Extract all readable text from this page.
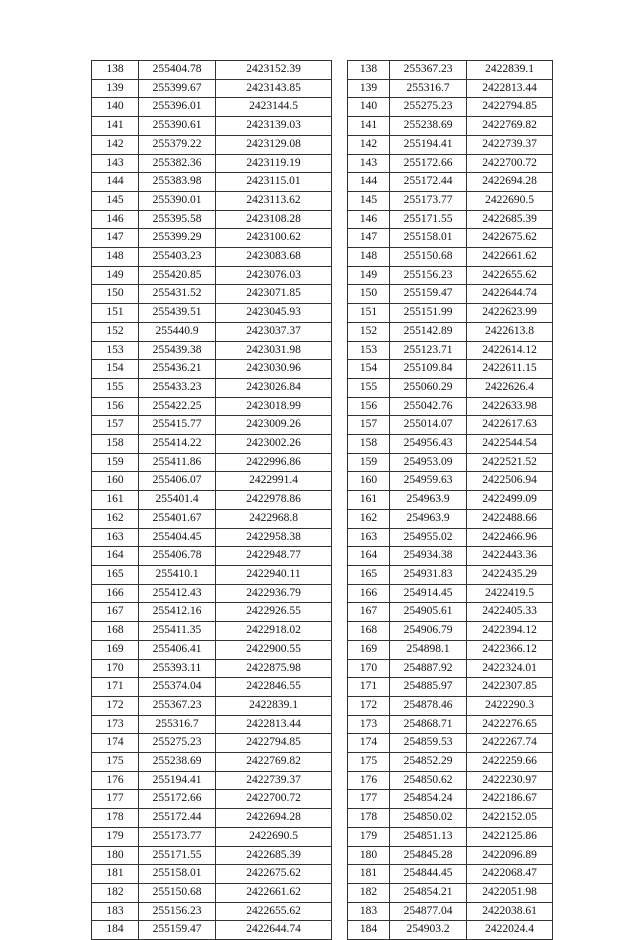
138	255404.78	2423152.39
139	255399.67	2423143.85
140	255396.01	2423144.5
141	255390.61	2423139.03
142	255379.22	2423129.08
143	255382.36	2423119.19
144	255383.98	2423115.01
145	255390.01	2423113.62
146	255395.58	2423108.28
147	255399.29	2423100.62
148	255403.23	2423083.68
149	255420.85	2423076.03
150	255431.52	2423071.85
151	255439.51	2423045.93
152	255440.9	2423037.37
153	255439.38	2423031.98
154	255436.21	2423030.96
155	255433.23	2423026.84
156	255422.25	2423018.99
157	255415.77	2423009.26
158	255414.22	2423002.26
159	255411.86	2422996.86
160	255406.07	2422991.4
161	255401.4	2422978.86
162	255401.67	2422968.8
163	255404.45	2422958.38
164	255406.78	2422948.77
165	255410.1	2422940.11
166	255412.43	2422936.79
167	255412.16	2422926.55
168	255411.35	2422918.02
169	255406.41	2422900.55
170	255393.11	2422875.98
171	255374.04	2422846.55
172	255367.23	2422839.1
173	255316.7	2422813.44
174	255275.23	2422794.85
175	255238.69	2422769.82
176	255194.41	2422739.37
177	255172.66	2422700.72
178	255172.44	2422694.28
179	255173.77	2422690.5
180	255171.55	2422685.39
181	255158.01	2422675.62
182	255150.68	2422661.62
183	255156.23	2422655.62
184	255159.47	2422644.74
138	255367.23	2422839.1
139	255316.7	2422813.44
140	255275.23	2422794.85
141	255238.69	2422769.82
142	255194.41	2422739.37
143	255172.66	2422700.72
144	255172.44	2422694.28
145	255173.77	2422690.5
146	255171.55	2422685.39
147	255158.01	2422675.62
148	255150.68	2422661.62
149	255156.23	2422655.62
150	255159.47	2422644.74
151	255151.99	2422623.99
152	255142.89	2422613.8
153	255123.71	2422614.12
154	255109.84	2422611.15
155	255060.29	2422626.4
156	255042.76	2422633.98
157	255014.07	2422617.63
158	254956.43	2422544.54
159	254953.09	2422521.52
160	254959.63	2422506.94
161	254963.9	2422499.09
162	254963.9	2422488.66
163	254955.02	2422466.96
164	254934.38	2422443.36
165	254931.83	2422435.29
166	254914.45	2422419.5
167	254905.61	2422405.33
168	254906.79	2422394.12
169	254898.1	2422366.12
170	254887.92	2422324.01
171	254885.97	2422307.85
172	254878.46	2422290.3
173	254868.71	2422276.65
174	254859.53	2422267.74
175	254852.29	2422259.66
176	254850.62	2422230.97
177	254854.24	2422186.67
178	254850.02	2422152.05
179	254851.13	2422125.86
180	254845.28	2422096.89
181	254844.45	2422068.47
182	254854.21	2422051.98
183	254877.04	2422038.61
184	254903.2	2422024.4
